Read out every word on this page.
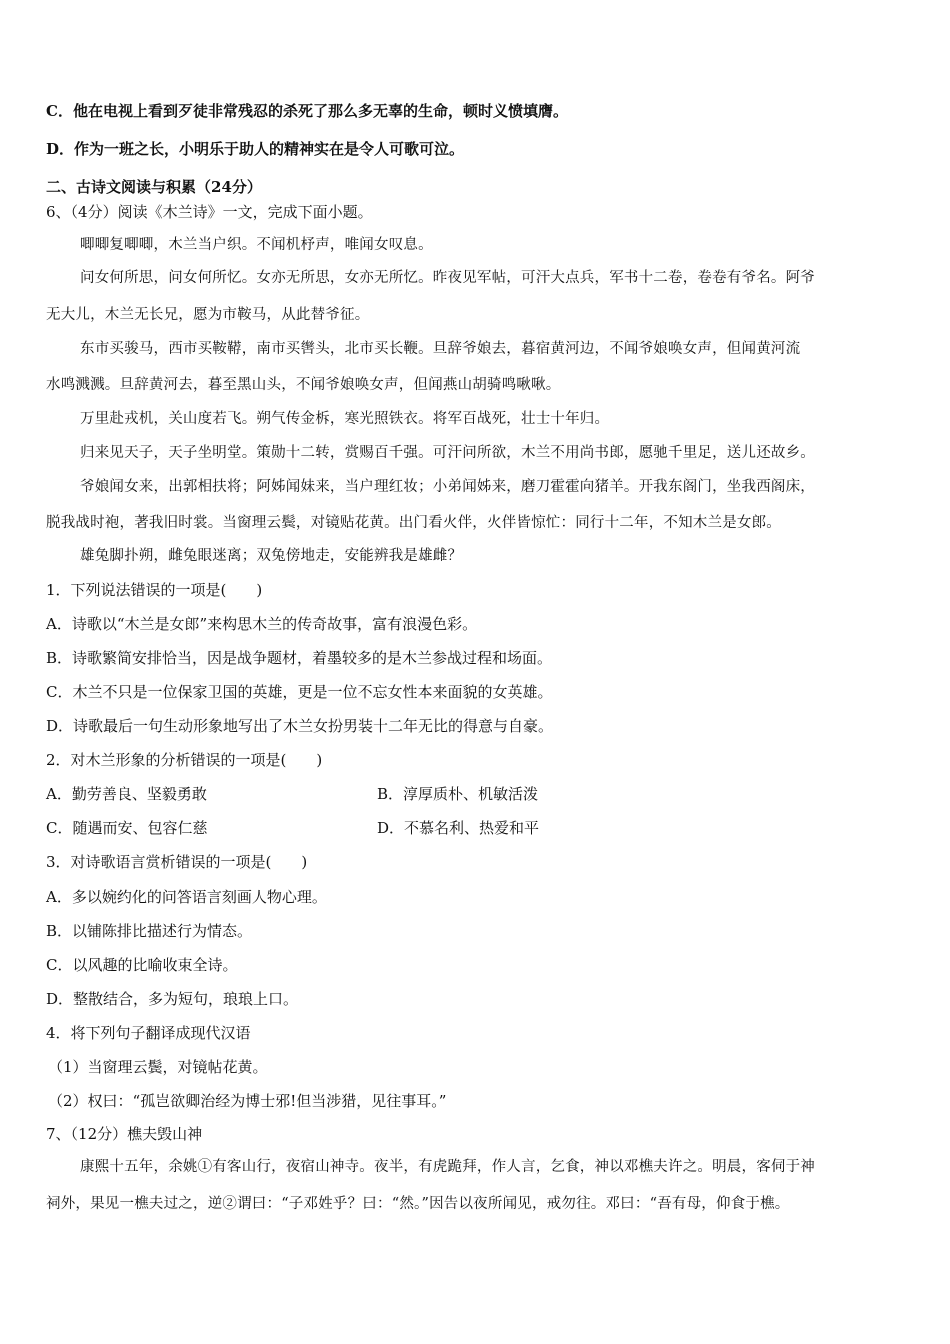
C．他在电视上看到歹徒非常残忍的杀死了那么多无辜的生命，顿时义愤填膺。
D．作为一班之长，小明乐于助人的精神实在是令人可歌可泣。
二、古诗文阅读与积累（24分）
6、（4分）阅读《木兰诗》一文，完成下面小题。
唧唧复唧唧，木兰当户织。不闻机杼声，唯闻女叹息。
问女何所思，问女何所忆。女亦无所思，女亦无所忆。昨夜见军帖，可汗大点兵，军书十二卷，卷卷有爷名。阿爷
无大儿，木兰无长兄，愿为市鞍马，从此替爷征。
东市买骏马，西市买鞍鞯，南市买辔头，北市买长鞭。旦辞爷娘去，暮宿黄河边，不闻爷娘唤女声，但闻黄河流
水鸣溅溅。旦辞黄河去，暮至黑山头，不闻爷娘唤女声，但闻燕山胡骑鸣啾啾。
万里赴戎机，关山度若飞。朔气传金柝，寒光照铁衣。将军百战死，壮士十年归。
归来见天子，天子坐明堂。策勋十二转，赏赐百千强。可汗问所欲，木兰不用尚书郎，愿驰千里足，送儿还故乡。
爷娘闻女来，出郭相扶将；阿姊闻妹来，当户理红妆；小弟闻姊来，磨刀霍霍向猪羊。开我东阁门，坐我西阁床，
脱我战时袍，著我旧时裳。当窗理云鬓，对镜贴花黄。出门看火伴，火伴皆惊忙：同行十二年，不知木兰是女郎。
雄兔脚扑朔，雌兔眼迷离；双兔傍地走，安能辨我是雄雌？
1．下列说法错误的一项是(　　)
A．诗歌以“木兰是女郎”来构思木兰的传奇故事，富有浪漫色彩。
B．诗歌繁简安排恰当，因是战争题材，着墨较多的是木兰参战过程和场面。
C．木兰不只是一位保家卫国的英雄，更是一位不忘女性本来面貌的女英雄。
D．诗歌最后一句生动形象地写出了木兰女扮男装十二年无比的得意与自豪。
2．对木兰形象的分析错误的一项是(　　)
A．勤劳善良、坚毅勇敢	B．淳厚质朴、机敏活泼
C．随遇而安、包容仁慈	D．不慕名利、热爱和平
3．对诗歌语言赏析错误的一项是(　　)
A．多以婉约化的问答语言刻画人物心理。
B．以铺陈排比描述行为情态。
C．以风趣的比喻收束全诗。
D．整散结合，多为短句，琅琅上口。
4．将下列句子翻译成现代汉语
（1）当窗理云鬓，对镜帖花黄。
（2）权曰：“孤岂欲卿治经为博士邪!但当涉猎，见往事耳。”
7、（12分）樵夫毁山神
康熙十五年，余姚①有客山行，夜宿山神寺。夜半，有虎跪拜，作人言，乞食，神以邓樵夫许之。明晨，客伺于神
祠外，果见一樵夫过之，逆②谓曰：“子邓姓乎？曰：“然。”因告以夜所闻见，戒勿往。邓曰：“吾有母，仰食于樵。
